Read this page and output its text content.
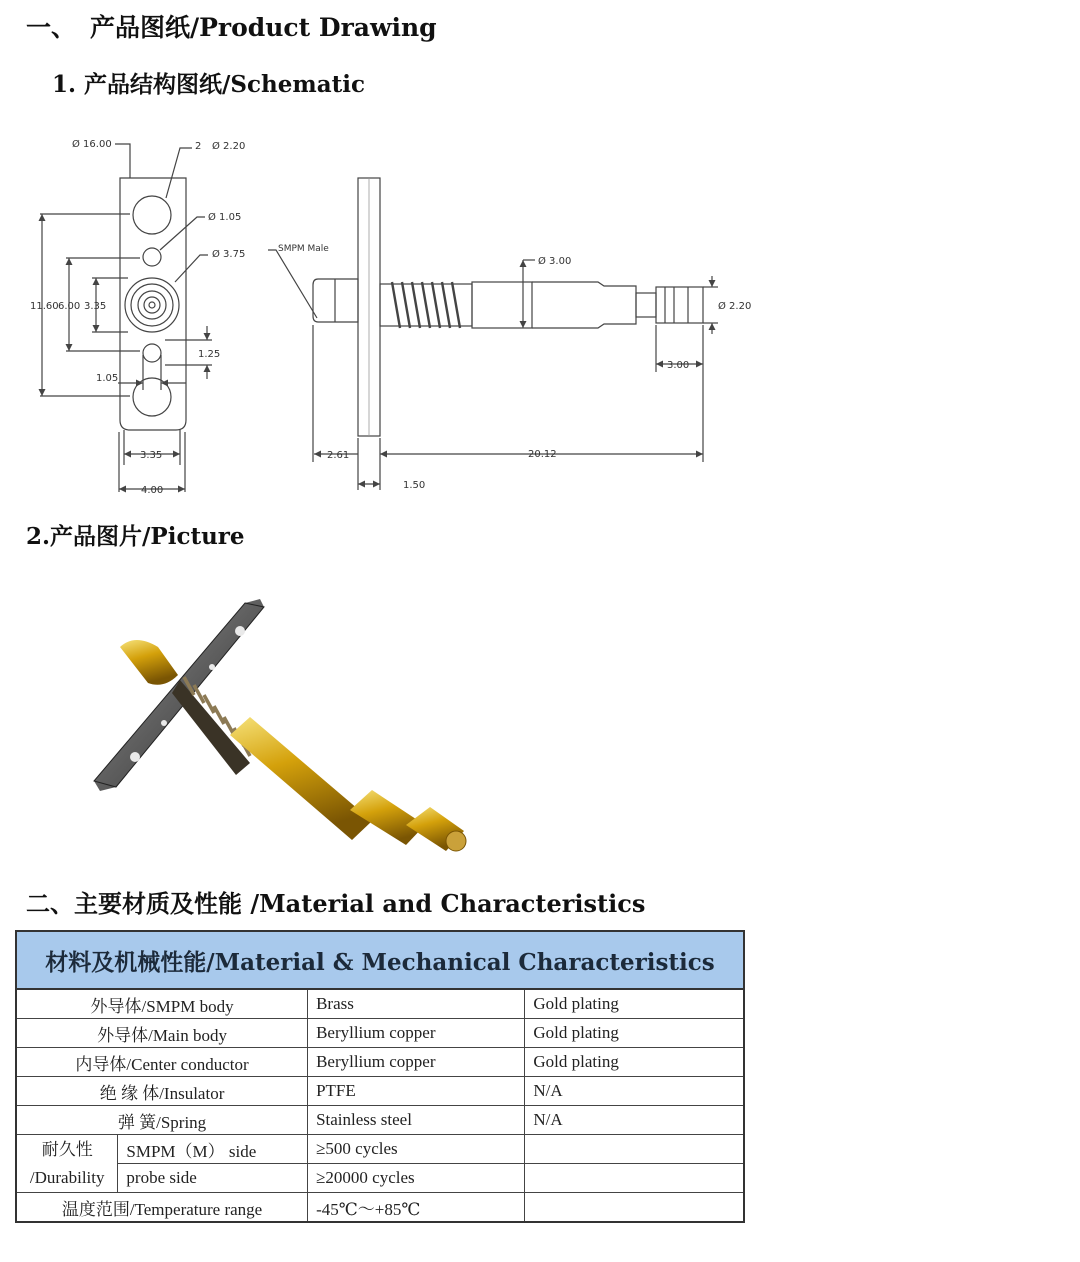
一、 产品图纸/Product Drawing
1. 产品结构图纸/Schematic
Ø 16.00	2 Ø 2.20
Ø 1.05
Ø 3.75
11.60 6.00 3.35
1.25
1.05
3.35
4.00
SMPM Male
Ø 3.00
Ø 2.20
3.00
2.61	20.12
1.50
2.产品图片/Picture
二、主要材质及性能 /Material and Characteristics
材料及机械性能/Material & Mechanical Characteristics			
外导体/SMPM body		Brass	Gold plating
外导体/Main body		Beryllium copper	Gold plating
内导体/Center conductor		Beryllium copper	Gold plating
绝 缘 体/Insulator		PTFE	N/A
弹 簧/Spring		Stainless steel	N/A

耐久性
/Durability	SMPM（M） side	≥500 cycles	
	probe side	≥20000 cycles	
温度范围/Temperature range		-45℃～+85℃	
